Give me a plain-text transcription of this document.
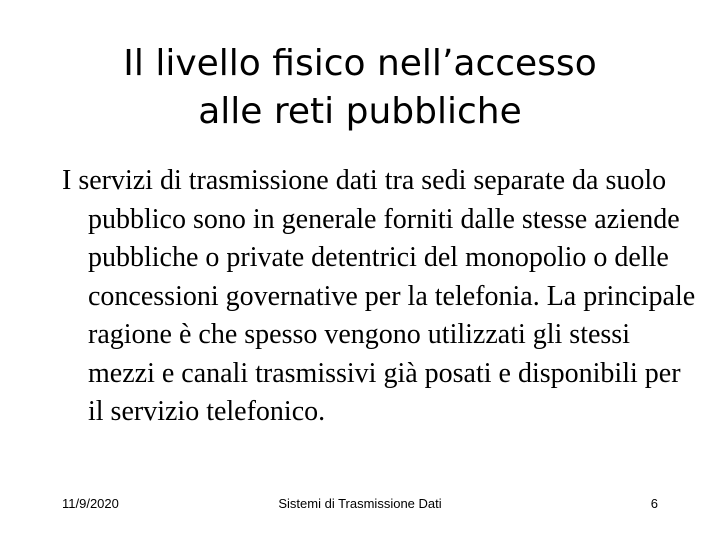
Il livello fisico nell’accesso
alle reti pubbliche

I servizi di trasmissione dati tra sedi separate da suolo pubblico sono in generale forniti dalle stesse aziende pubbliche o private detentrici del monopolio o delle concessioni governative per la telefonia. La principale ragione è che spesso vengono utilizzati gli stessi mezzi e canali trasmissivi già posati e disponibili per il servizio telefonico.

Sistemi di Trasmissione Dati
11/9/2020	6
